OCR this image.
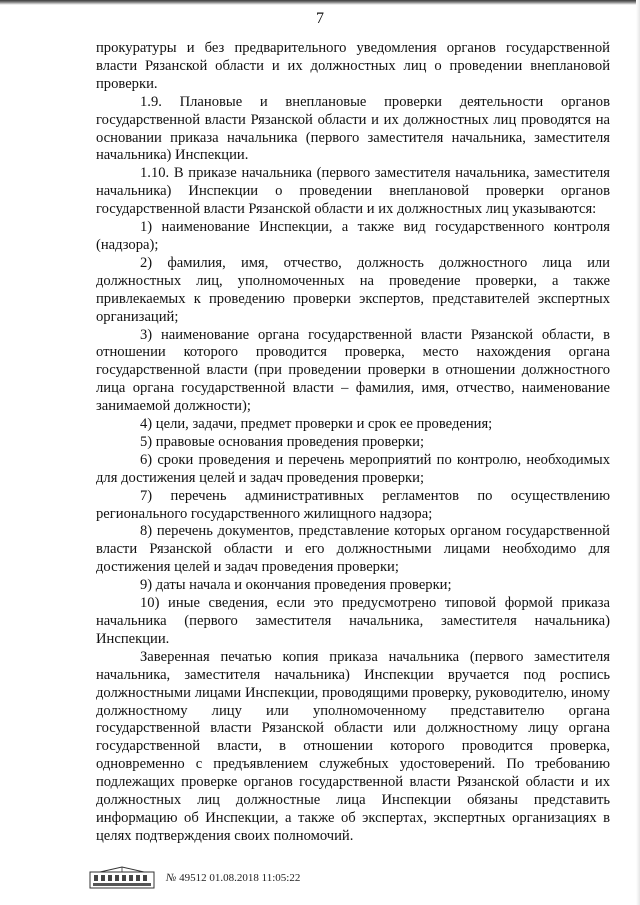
7

прокуратуры и без предварительного уведомления органов государственной власти Рязанской области и их должностных лиц о проведении внеплановой проверки.

1.9. Плановые и внеплановые проверки деятельности органов государственной власти Рязанской области и их должностных лиц проводятся на основании приказа начальника (первого заместителя начальника, заместителя начальника) Инспекции.

1.10. В приказе начальника (первого заместителя начальника, заместителя начальника) Инспекции о проведении внеплановой проверки органов государственной власти Рязанской области и их должностных лиц указываются:

1) наименование Инспекции, а также вид государственного контроля (надзора);

2) фамилия, имя, отчество, должность должностного лица или должностных лиц, уполномоченных на проведение проверки, а также привлекаемых к проведению проверки экспертов, представителей экспертных организаций;

3) наименование органа государственной власти Рязанской области, в отношении которого проводится проверка, место нахождения органа государственной власти (при проведении проверки в отношении должностного лица органа государственной власти – фамилия, имя, отчество, наименование занимаемой должности);

4) цели, задачи, предмет проверки и срок ее проведения;

5) правовые основания проведения проверки;

6) сроки проведения и перечень мероприятий по контролю, необходимых для достижения целей и задач проведения проверки;

7) перечень административных регламентов по осуществлению регионального государственного жилищного надзора;

8) перечень документов, представление которых органом государственной власти Рязанской области и его должностными лицами необходимо для достижения целей и задач проведения проверки;

9) даты начала и окончания проведения проверки;

10) иные сведения, если это предусмотрено типовой формой приказа начальника (первого заместителя начальника, заместителя начальника) Инспекции.

Заверенная печатью копия приказа начальника (первого заместителя начальника, заместителя начальника) Инспекции вручается под роспись должностными лицами Инспекции, проводящими проверку, руководителю, иному должностному лицу или уполномоченному представителю органа государственной власти Рязанской области или должностному лицу органа государственной власти, в отношении которого проводится проверка, одновременно с предъявлением служебных удостоверений. По требованию подлежащих проверке органов государственной власти Рязанской области и их должностных лиц должностные лица Инспекции обязаны представить информацию об Инспекции, а также об экспертах, экспертных организациях в целях подтверждения своих полномочий.

№ 49512 01.08.2018 11:05:22
